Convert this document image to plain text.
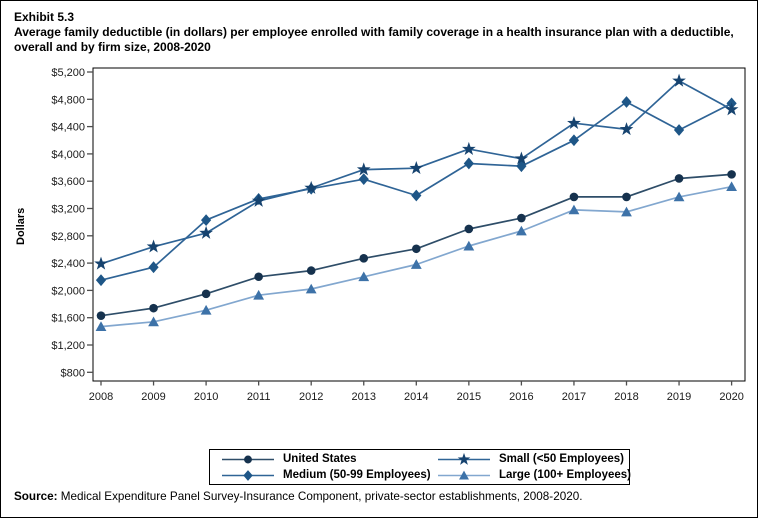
Exhibit 5.3
Average family deductible (in dollars) per employee enrolled with family coverage in a health insurance plan with a deductible, overall and by firm size, 2008-2020
Dollars
$800
$1,200
$1,600
$2,000
$2,400
$2,800
$3,200
$3,600
$4,000
$4,400
$4,800
$5,200
2008	2009	2010	2011	2012	2013	2014	2015	2016	2017	2018	2019	2020
United States	Small (<50 Employees)
Medium (50-99 Employees)	Large (100+ Employees)
Source: Medical Expenditure Panel Survey-Insurance Component, private-sector establishments, 2008-2020.
